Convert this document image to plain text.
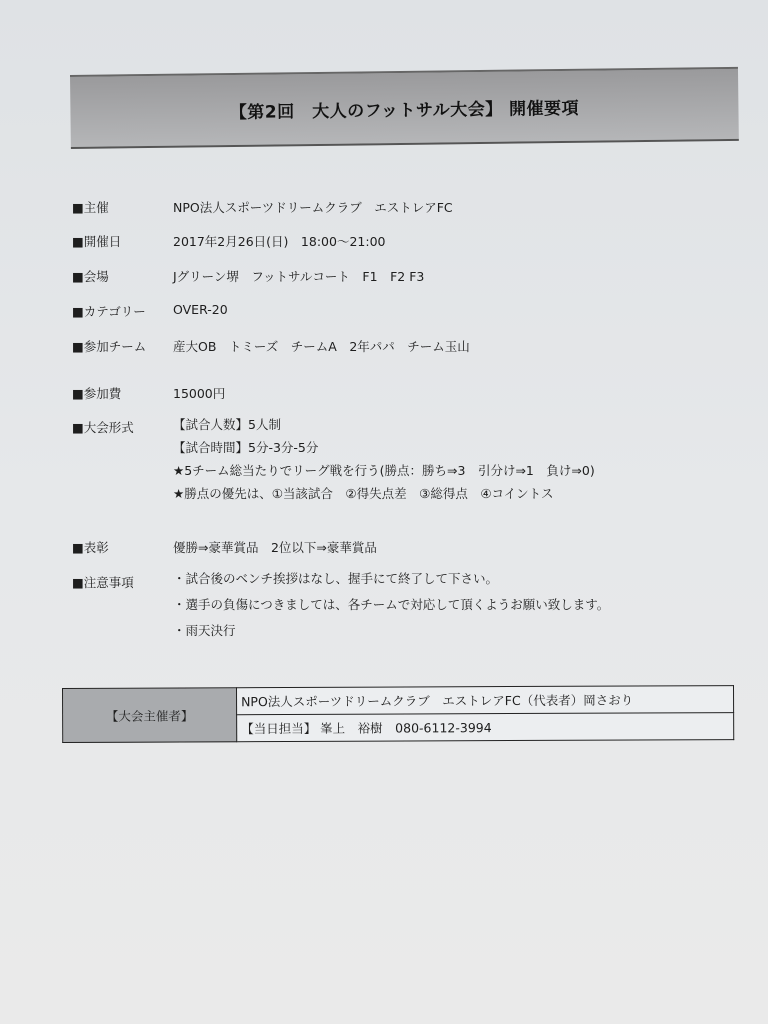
【第2回　大人のフットサル大会】 開催要項
■主催	NPO法人スポーツドリームクラブ　エストレアFC
■開催日	2017年2月26日(日)　18:00～21:00
■会場	Jグリーン堺　フットサルコート　F1　F2 F3
■カテゴリー	OVER-20
■参加チーム	産大OB　トミーズ　チームA　2年パパ　チーム玉山
■参加費	15000円
■大会形式	【試合人数】5人制
【試合時間】5分-3分-5分
★5チーム総当たりでリーグ戦を行う(勝点：勝ち⇒3　引分け⇒1　負け⇒0)
★勝点の優先は、①当該試合　②得失点差　③総得点　④コイントス
■表彰	優勝⇒豪華賞品　2位以下⇒豪華賞品
■注意事項	・試合後のベンチ挨拶はなし、握手にて終了して下さい。
・選手の負傷につきましては、各チームで対応して頂くようお願い致します。
・雨天決行
【大会主催者】	NPO法人スポーツドリームクラブ　エストレアFC（代表者）岡さおり
【当日担当】 峯上　裕樹　080-6112-3994
